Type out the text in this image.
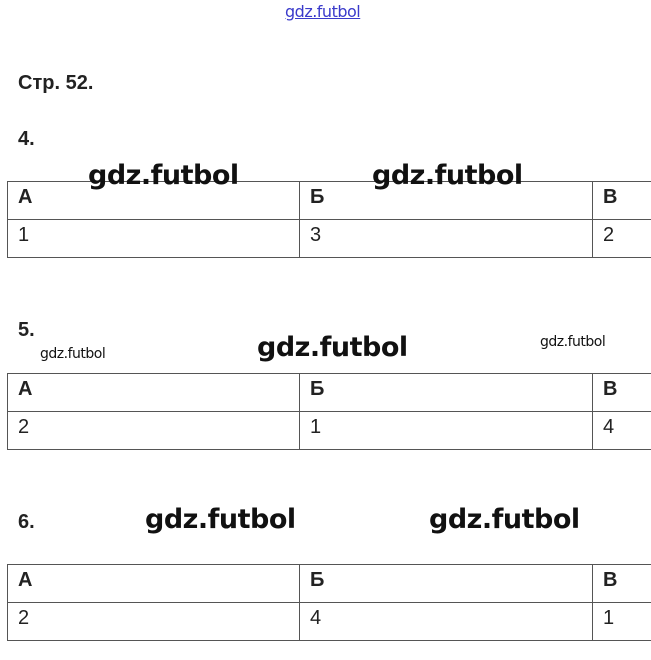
gdz.futbol
Стр. 52.
4.
А	Б	В
1	3	2
5.
А	Б	В
2	1	4
6.
А	Б	В
2	4	1
gdz.futbol	gdz.futbol
gdz.futbol	gdz.futbol	gdz.futbol
gdz.futbol	gdz.futbol
